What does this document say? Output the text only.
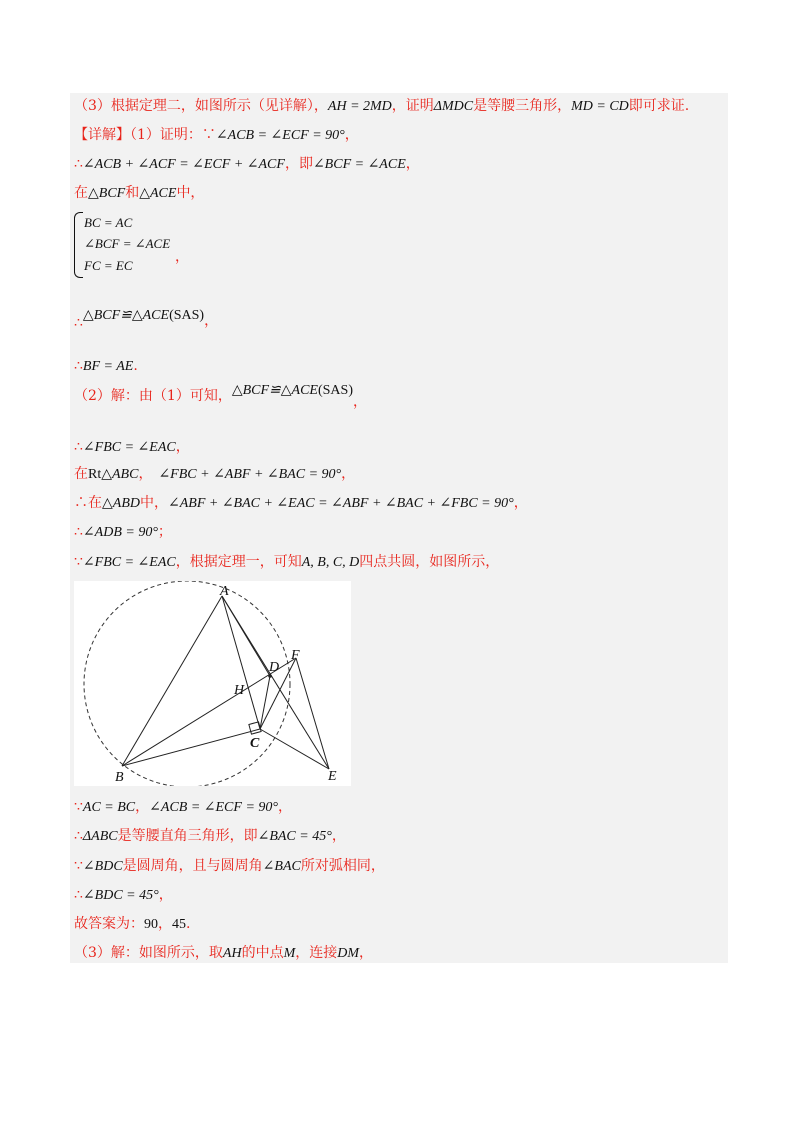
（3）根据定理二，如图所示（见详解），AH = 2MD，证明ΔMDC是等腰三角形，MD = CD即可求证.
【详解】（1）证明：∵∠ACB = ∠ECF = 90°，
∴∠ACB + ∠ACF = ∠ECF + ∠ACF，即∠BCF = ∠ACE，
在△BCF和△ACE中，
BC = AC
∠BCF = ∠ACE
FC = EC
，
∴△BCF≌△ACE(SAS)，
∴BF = AE.
（2）解：由（1）可知，△BCF≌△ACE(SAS)，
∴∠FBC = ∠EAC，
在Rt△ABC， ∠FBC + ∠ABF + ∠BAC = 90°，
∴在△ABD中，∠ABF + ∠BAC + ∠EAC = ∠ABF + ∠BAC + ∠FBC = 90°，
∴∠ADB = 90°；
∵∠FBC = ∠EAC，根据定理一，可知A, B, C, D四点共圆，如图所示，
A
B
C
D
E
F
H
∵AC = BC，∠ACB = ∠ECF = 90°，
∴ΔABC是等腰直角三角形，即∠BAC = 45°，
∵∠BDC是圆周角，且与圆周角∠BAC所对弧相同，
∴∠BDC = 45°，
故答案为：90，45.
（3）解：如图所示，取AH的中点M，连接DM，
